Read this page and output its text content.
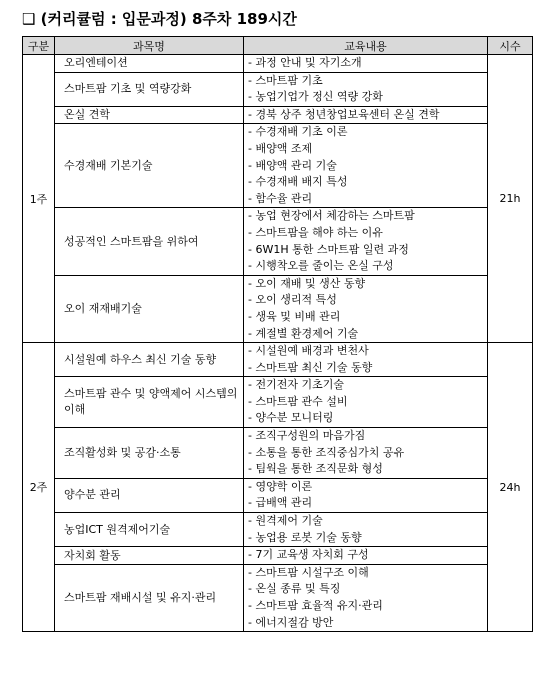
❑ (커리큘럼 : 입문과정) 8주차 189시간
구분	과목명	교육내용	시수
1주	오리엔테이션	- 과정 안내 및 자기소개	21h
	스마트팜 기초 및 역량강화	- 스마트팜 기초
- 농업기업가 정신 역량 강화	

	온실 견학	- 경북 상주 청년창업보육센터 온실 견학	

	수경재배 기본기술	- 수경재배 기초 이론
- 배양액 조제
- 배양액 관리 기술
- 수경재배 배지 특성
- 함수율 관리	

	성공적인 스마트팜을 위하여	- 농업 현장에서 체감하는 스마트팜
- 스마트팜을 해야 하는 이유
- 6W1H 통한 스마트팜 일련 과정
- 시행착오를 줄이는 온실 구성	

	오이 재재배기술	- 오이 재배 및 생산 동향
- 오이 생리적 특성
- 생육 및 비배 관리
- 계절별 환경제어 기술	

2주	시설원예 하우스 최신 기술 동향	- 시설원예 배경과 변천사
- 스마트팜 최신 기술 동향	24h
	스마트팜 관수 및 양액제어 시스템의 이해	- 전기전자 기초기술
- 스마트팜 관수 설비
- 양수분 모니터링	

	조직활성화 및 공감·소통	- 조직구성원의 마음가짐
- 소통을 통한 조직중심가치 공유
- 팀웍을 통한 조직문화 형성	

	양수분 관리	- 영양학 이론
- 급배액 관리	

	농업ICT 원격제어기술	- 원격제어 기술
- 농업용 로봇 기술 동향	

	자치회 활동	- 7기 교육생 자치회 구성	

	스마트팜 재배시설 및 유지·관리	- 스마트팜 시설구조 이해
- 온실 종류 및 특징
- 스마트팜 효율적 유지·관리
- 에너지절감 방안	
